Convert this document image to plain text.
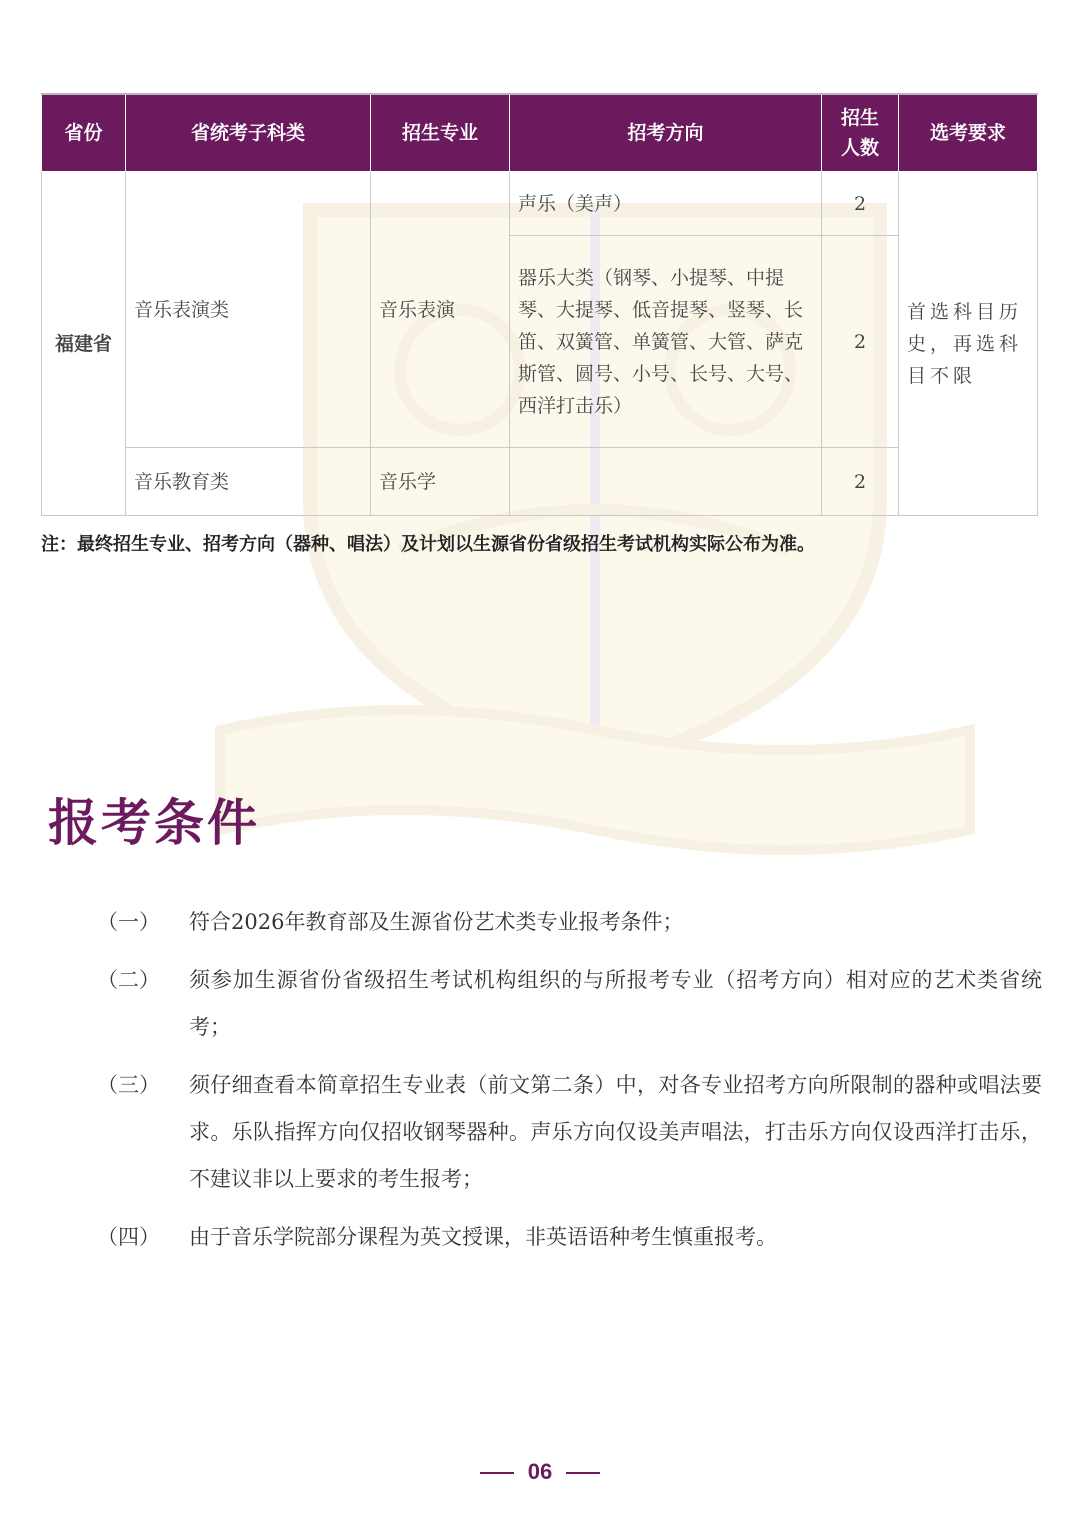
省份	省统考子科类	招生专业	招考方向	招生人数	选考要求
福建省	音乐表演类	音乐表演	声乐（美声）	2	首选科目历史，再选科目不限
			器乐大类（钢琴、小提琴、中提琴、大提琴、低音提琴、竖琴、长笛、双簧管、单簧管、大管、萨克斯管、圆号、小号、长号、大号、西洋打击乐）	2	
	音乐教育类	音乐学		2	
注：最终招生专业、招考方向（器种、唱法）及计划以生源省份省级招生考试机构实际公布为准。
报考条件
（一）	符合2026年教育部及生源省份艺术类专业报考条件；
（二）	须参加生源省份省级招生考试机构组织的与所报考专业（招考方向）相对应的艺术类省统考；
（三）	须仔细查看本简章招生专业表（前文第二条）中，对各专业招考方向所限制的器种或唱法要求。乐队指挥方向仅招收钢琴器种。声乐方向仅设美声唱法，打击乐方向仅设西洋打击乐，不建议非以上要求的考生报考；
（四）	由于音乐学院部分课程为英文授课，非英语语种考生慎重报考。
06
